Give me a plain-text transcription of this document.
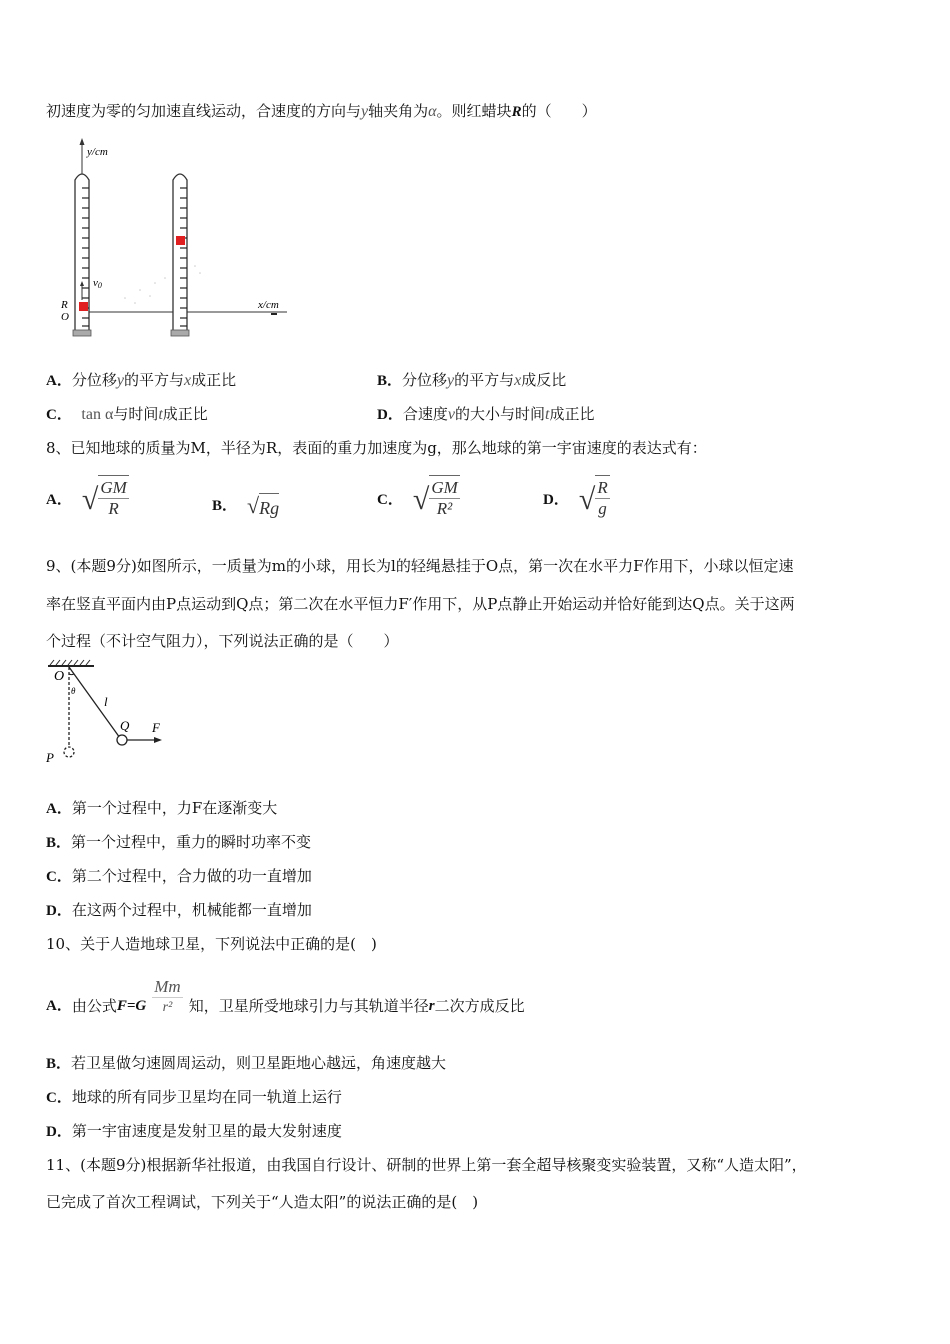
初速度为零的匀加速直线运动，合速度的方向与y轴夹角为α。则红蜡块R的（　　）
y/cm
v0
R
O
x/cm
A．分位移y的平方与x成正比	B．分位移y的平方与x成反比
C． tan α与时间t成正比	D．合速度v的大小与时间t成正比
8、已知地球的质量为M，半径为R，表面的重力加速度为g，那么地球的第一宇宙速度的表达式有：
A． √ $\frac{GM}{R}$	B． √ Rg	C． √ $\frac{GM}{\text{R²}}$	D． √ $\frac{R}{g}$
9、(本题9分)如图所示，一质量为m的小球，用长为l的轻绳悬挂于O点，第一次在水平力F作用下，小球以恒定速
率在竖直平面内由P点运动到Q点；第二次在水平恒力F′作用下，从P点静止开始运动并恰好能到达Q点。关于这两
个过程（不计空气阻力），下列说法正确的是（　　）
O
θ
l
Q F
P
A．第一个过程中，力F在逐渐变大
B．第一个过程中，重力的瞬时功率不变
C．第二个过程中，合力做的功一直增加
D．在这两个过程中，机械能都一直增加
10、关于人造地球卫星，下列说法中正确的是(　)
A． 由公式 $F=G \frac{Mm}{\text{r²}}$ 知，卫星所受地球引力与其轨道半径 r 二次方成反比
B．若卫星做匀速圆周运动，则卫星距地心越远，角速度越大
C．地球的所有同步卫星均在同一轨道上运行
D．第一宇宙速度是发射卫星的最大发射速度
11、(本题9分)根据新华社报道，由我国自行设计、研制的世界上第一套全超导核聚变实验装置，又称“人造太阳”，
已完成了首次工程调试，下列关于“人造太阳”的说法正确的是(　)
